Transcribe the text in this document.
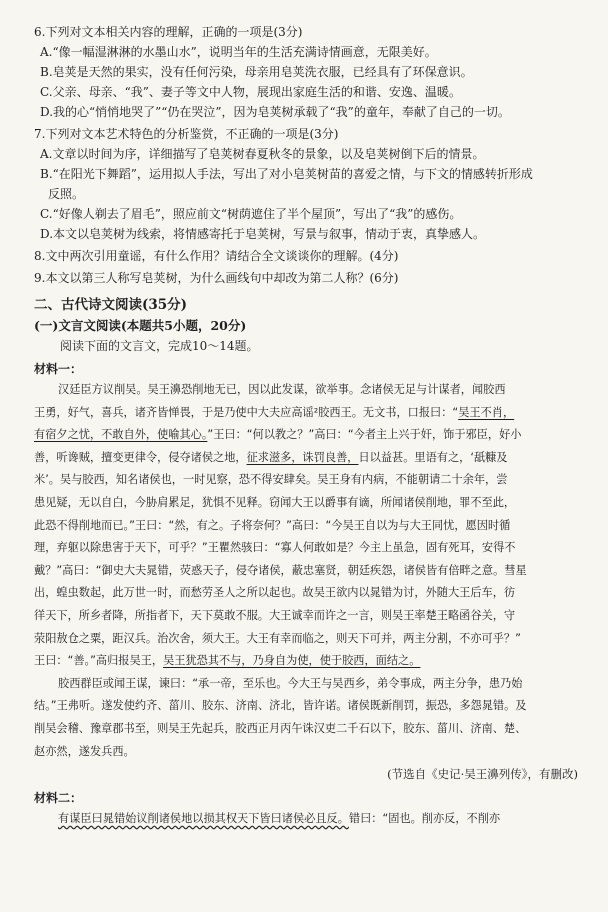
6.下列对文本相关内容的理解，正确的一项是(3分)
A.“像一幅湿淋淋的水墨山水”，说明当年的生活充满诗情画意，无限美好。
B.皂荚是天然的果实，没有任何污染，母亲用皂荚洗衣服，已经具有了环保意识。
C.父亲、母亲、“我”、妻子等文中人物，展现出家庭生活的和谐、安逸、温暖。
D.我的心“悄悄地哭了”“仍在哭泣”，因为皂荚树承载了“我”的童年，奉献了自己的一切。
7.下列对文本艺术特色的分析鉴赏，不正确的一项是(3分)
A.文章以时间为序，详细描写了皂荚树春夏秋冬的景象，以及皂荚树倒下后的情景。
B.“在阳光下舞蹈”，运用拟人手法，写出了对小皂荚树苗的喜爱之情，与下文的情感转折形成
反照。
C.“好像人剃去了眉毛”，照应前文“树荫遮住了半个屋顶”，写出了“我”的感伤。
D.本文以皂荚树为线索，将情感寄托于皂荚树，写景与叙事，情动于衷，真挚感人。
8.文中两次引用童谣，有什么作用？请结合全文谈谈你的理解。(4分)
9.本文以第三人称写皂荚树，为什么画线句中却改为第二人称？(6分)
二、古代诗文阅读(35分)
(一)文言文阅读(本题共5小题，20分)
阅读下面的文言文，完成10～14题。
材料一：
汉廷臣方议削吴。吴王濞恐削地无已，因以此发谋，欲举事。念诸侯无足与计谋者，闻胶西
王勇，好气，喜兵，诸齐皆惮畏，于是乃使中大夫应高谣²胶西王。无文书，口报曰：“吴王不肖，
有宿夕之忧，不敢自外，使喻其心。”王曰：“何以教之？”高曰：“今者主上兴于奸，饰于邪臣，好小
善，听谗贼，擅变更律令，侵夺诸侯之地，征求滋多，诛罚良善，日以益甚。里语有之，‘舐糠及
米’。吴与胶西，知名诸侯也，一时见察，恐不得安肆矣。吴王身有内病，不能朝请二十余年，尝
患见疑，无以自白，今胁肩累足，犹惧不见释。窃闻大王以爵事有谪，所闻诸侯削地，罪不至此，
此恐不得削地而已。”王曰：“然，有之。子将奈何？”高曰：“今吴王自以为与大王同忧，愿因时循
理，弃躯以除患害于天下，可乎？”王瞿然骇曰：“寡人何敢如是？今主上虽急，固有死耳，安得不
戴？”高曰：“御史大夫晁错，荧惑天子，侵夺诸侯，蔽忠塞贤，朝廷疾怨，诸侯皆有倍畔之意。彗星
出，蝗虫数起，此万世一时，而愁劳圣人之所以起也。故吴王欲内以晁错为讨，外随大王后车，彷
徉天下，所乡者降，所指者下，天下莫敢不服。大王诚幸而许之一言，则吴王率楚王略函谷关，守
荥阳敖仓之粟，距汉兵。治次舍，须大王。大王有幸而临之，则天下可并，两主分割，不亦可乎？”
王曰：“善。”高归报吴王，吴王犹恐其不与，乃身自为使，使于胶西，面结之。
胶西群臣或闻王谋，谏曰：“承一帝，至乐也。今大王与吴西乡，弟令事成，两主分争，患乃始
结。”王弗听。遂发使约齐、菑川、胶东、济南、济北，皆许诺。诸侯既新削罚，振恐，多怨晁错。及
削吴会稽、豫章郡书至，则吴王先起兵，胶西正月丙午诛汉吏二千石以下，胶东、菑川、济南、楚、
赵亦然，遂发兵西。
(节选自《史记·吴王濞列传》，有删改)
材料二：
有谋臣曰晁错始议削诸侯地以损其权天下皆曰诸侯必且反。错曰：“固也。削亦反，不削亦
